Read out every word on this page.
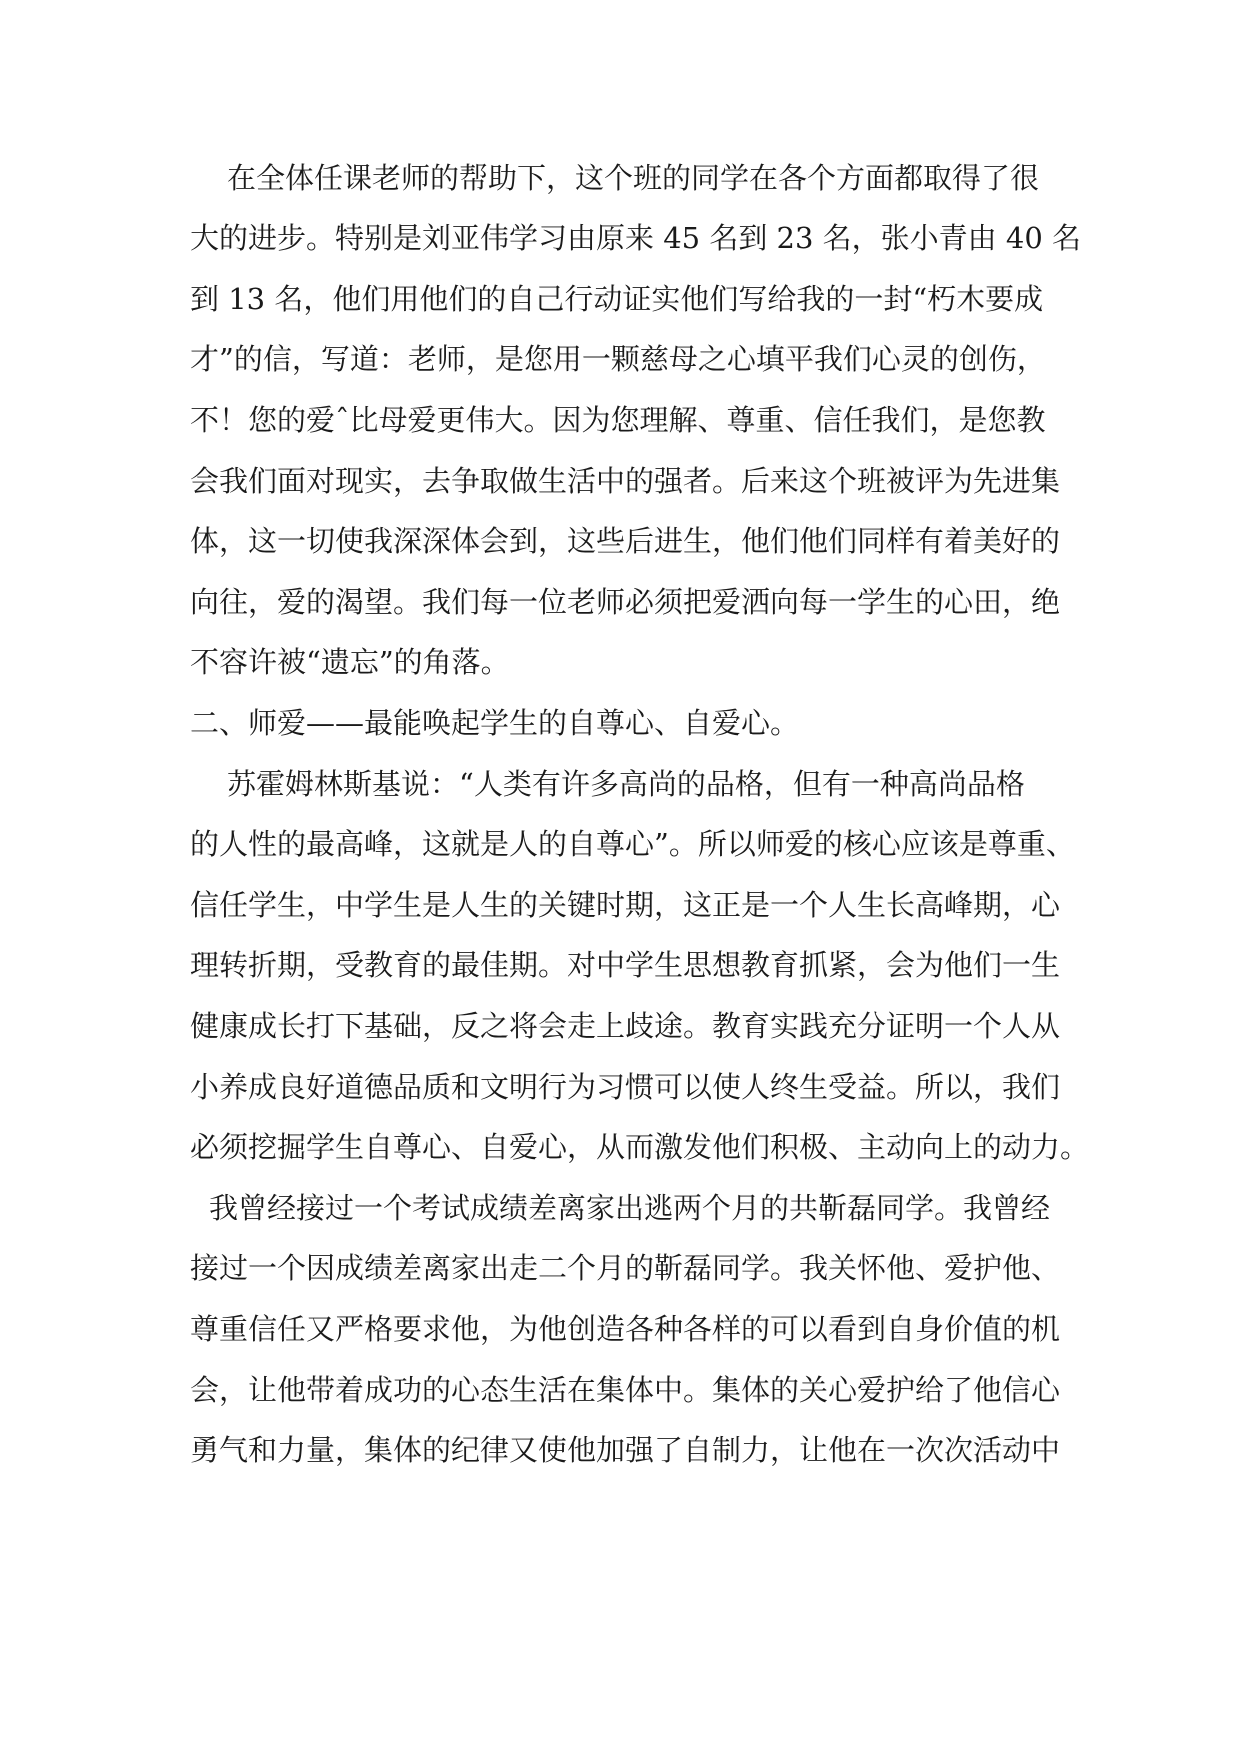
在全体任课老师的帮助下，这个班的同学在各个方面都取得了很
大的进步。特别是刘亚伟学习由原来 45 名到 23 名，张小青由 40 名
到 13 名，他们用他们的自己行动证实他们写给我的一封“朽木要成
才”的信，写道：老师，是您用一颗慈母之心填平我们心灵的创伤，
不！您的爱ˆ比母爱更伟大。因为您理解、尊重、信任我们，是您教
会我们面对现实，去争取做生活中的强者。后来这个班被评为先进集
体，这一切使我深深体会到，这些后进生，他们他们同样有着美好的
向往，爱的渴望。我们每一位老师必须把爱洒向每一学生的心田，绝
不容许被“遗忘”的角落。
二、师爱——最能唤起学生的自尊心、自爱心。
苏霍姆林斯基说：“人类有许多高尚的品格，但有一种高尚品格
的人性的最高峰，这就是人的自尊心”。所以师爱的核心应该是尊重、
信任学生，中学生是人生的关键时期，这正是一个人生长高峰期，心
理转折期，受教育的最佳期。对中学生思想教育抓紧，会为他们一生
健康成长打下基础，反之将会走上歧途。教育实践充分证明一个人从
小养成良好道德品质和文明行为习惯可以使人终生受益。所以，我们
必须挖掘学生自尊心、自爱心，从而激发他们积极、主动向上的动力。
我曾经接过一个考试成绩差离家出逃两个月的共靳磊同学。我曾经
接过一个因成绩差离家出走二个月的靳磊同学。我关怀他、爱护他、
尊重信任又严格要求他，为他创造各种各样的可以看到自身价值的机
会，让他带着成功的心态生活在集体中。集体的关心爱护给了他信心
勇气和力量，集体的纪律又使他加强了自制力，让他在一次次活动中
